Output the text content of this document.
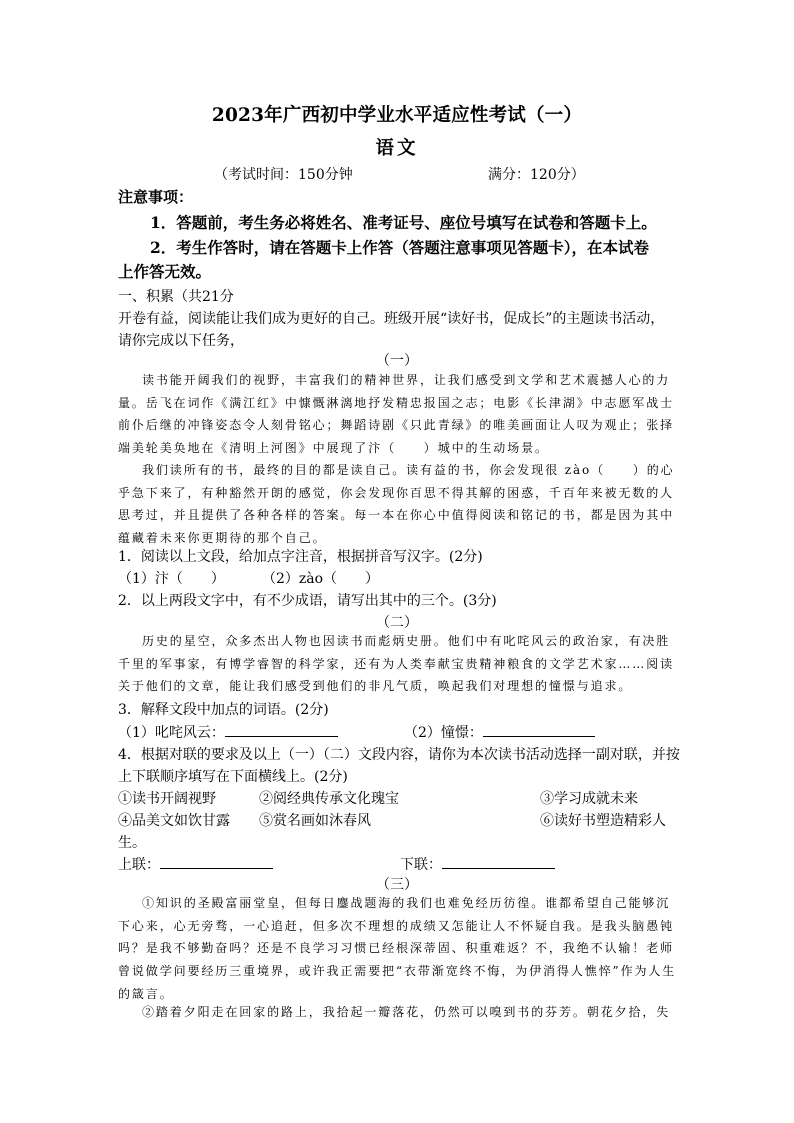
2023年广西初中学业水平适应性考试（一）
语文
（考试时间：150分钟	满分：120分）
注意事项：
1．答题前，考生务必将姓名、准考证号、座位号填写在试卷和答题卡上。
2．考生作答时，请在答题卡上作答（答题注意事项见答题卡），在本试卷
上作答无效。
一、积累（共21分
开卷有益，阅读能让我们成为更好的自己。班级开展“读好书，促成长”的主题读书活动，
请你完成以下任务，
（一）
读书能开阔我们的视野，丰富我们的精神世界，让我们感受到文学和艺术震撼人心的力量。岳飞在词作《满江红》中慷慨淋漓地抒发精忠报国之志；电影《长津湖》中志愿军战士前仆后继的冲锋姿态令人刻骨铭心；舞蹈诗剧《只此青绿》的唯美画面让人叹为观止；张择端美轮美奂地在《清明上河图》中展现了汴（　　）城中的生动场景。
我们读所有的书，最终的目的都是读自己。读有益的书，你会发现很 zào（　　）的心乎急下来了，有种豁然开朗的感觉，你会发现你百思不得其解的困惑，千百年来被无数的人思考过，并且提供了各种各样的答案。每一本在你心中值得阅读和铭记的书，都是因为其中蕴藏着未来你更期待的那个自己。
1．阅读以上文段，给加点字注音，根据拼音写汉字。(2分)
（1）汴（　　）	（2）zào（　　）
2．以上两段文字中，有不少成语，请写出其中的三个。(3分)
（二）
历史的星空，众多杰出人物也因读书而彪炳史册。他们中有叱咤风云的政治家，有决胜千里的军事家，有博学睿智的科学家，还有为人类奉献宝贵精神粮食的文学艺术家……阅读关于他们的文章，能让我们感受到他们的非凡气质，唤起我们对理想的憧憬与追求。
3．解释文段中加点的词语。(2分)
（1）叱咤风云：	（2）憧憬：
4．根据对联的要求及以上（一）（二）文段内容，请你为本次读书活动选择一副对联，并按
上下联顺序填写在下面横线上。(2分)
①读书开阔视野	②阅经典传承文化瑰宝	③学习成就未来
④品美文如饮甘露 ⑤赏名画如沐春风	⑥读好书塑造精彩人
生。
上联：	下联：
（三）
①知识的圣殿富丽堂皇，但每日鏖战题海的我们也难免经历彷徨。谁都希望自己能够沉下心来，心无旁骛，一心追赶，但多次不理想的成绩又怎能让人不怀疑自我。是我头脑愚钝吗？是我不够勤奋吗？还是不良学习习惯已经根深蒂固、积重难返？不，我绝不认输！老师曾说做学问要经历三重境界，或许我正需要把“衣带渐宽终不悔，为伊消得人憔悴”作为人生的箴言。
②踏着夕阳走在回家的路上，我拾起一瓣落花，仍然可以嗅到书的芬芳。朝花夕拾，失
